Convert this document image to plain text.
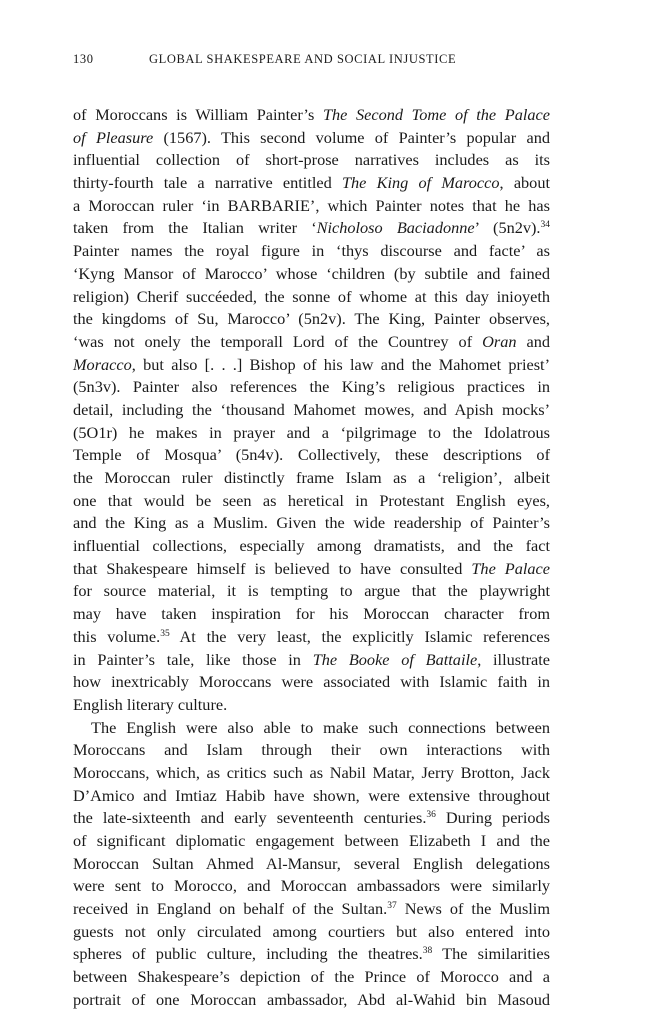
130	GLOBAL SHAKESPEARE AND SOCIAL INJUSTICE
of Moroccans is William Painter’s The Second Tome of the Palace
of Pleasure (1567). This second volume of Painter’s popular and
influential collection of short-prose narratives includes as its
thirty-fourth tale a narrative entitled The King of Marocco, about
a Moroccan ruler ‘in BARBARIE’, which Painter notes that he has
taken from the Italian writer ‘Nicholoso Baciadonne’ (5n2v).$^{34}$
Painter names the royal figure in ‘thys discourse and facte’ as
‘Kyng Mansor of Marocco’ whose ‘children (by subtile and fained
religion) Cherif succéeded, the sonne of whome at this day inioyeth
the kingdoms of Su, Marocco’ (5n2v). The King, Painter observes,
‘was not onely the temporall Lord of the Countrey of Oran and
Moracco, but also [. . .] Bishop of his law and the Mahomet priest’
(5n3v). Painter also references the King’s religious practices in
detail, including the ‘thousand Mahomet mowes, and Apish mocks’
(5O1r) he makes in prayer and a ‘pilgrimage to the Idolatrous
Temple of Mosqua’ (5n4v). Collectively, these descriptions of
the Moroccan ruler distinctly frame Islam as a ‘religion’, albeit
one that would be seen as heretical in Protestant English eyes,
and the King as a Muslim. Given the wide readership of Painter’s
influential collections, especially among dramatists, and the fact
that Shakespeare himself is believed to have consulted The Palace
for source material, it is tempting to argue that the playwright
may have taken inspiration for his Moroccan character from
this volume.$^{35}$ At the very least, the explicitly Islamic references
in Painter’s tale, like those in The Booke of Battaile, illustrate
how inextricably Moroccans were associated with Islamic faith in
English literary culture.
The English were also able to make such connections between
Moroccans and Islam through their own interactions with
Moroccans, which, as critics such as Nabil Matar, Jerry Brotton, Jack
D’Amico and Imtiaz Habib have shown, were extensive throughout
the late-sixteenth and early seventeenth centuries.$^{36}$ During periods
of significant diplomatic engagement between Elizabeth I and the
Moroccan Sultan Ahmed Al-Mansur, several English delegations
were sent to Morocco, and Moroccan ambassadors were similarly
received in England on behalf of the Sultan.$^{37}$ News of the Muslim
guests not only circulated among courtiers but also entered into
spheres of public culture, including the theatres.$^{38}$ The similarities
between Shakespeare’s depiction of the Prince of Morocco and a
portrait of one Moroccan ambassador, Abd al-Wahid bin Masoud
